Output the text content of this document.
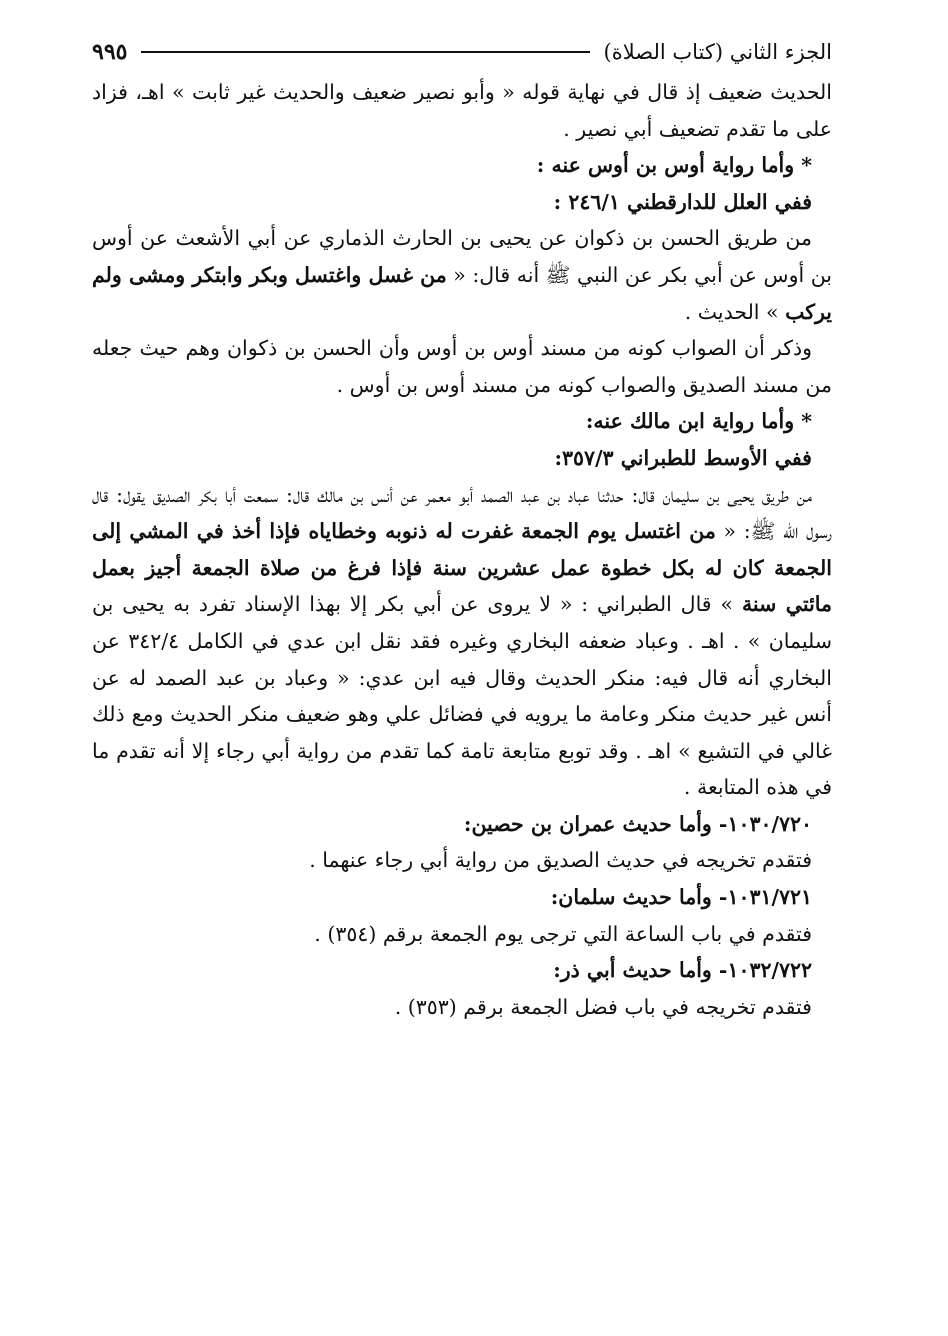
الجزء الثاني (كتاب الصلاة)
٩٩٥

الحديث ضعيف إذ قال في نهاية قوله « وأبو نصير ضعيف والحديث غير ثابت » اهـ، فزاد على ما تقدم تضعيف أبي نصير .

* وأما رواية أوس بن أوس عنه :

ففي العلل للدارقطني ٢٤٦/١ :

من طريق الحسن بن ذكوان عن يحيى بن الحارث الذماري عن أبي الأشعث عن أوس بن أوس عن أبي بكر عن النبي ﷺ أنه قال: « من غسل واغتسل وبكر وابتكر ومشى ولم يركب » الحديث .

وذكر أن الصواب كونه من مسند أوس بن أوس وأن الحسن بن ذكوان وهم حيث جعله من مسند الصديق والصواب كونه من مسند أوس بن أوس .

* وأما رواية ابن مالك عنه:

ففي الأوسط للطبراني ٣٥٧/٣:

من طريق يحيى بن سليمان قال: حدثنا عباد بن عبد الصمد أبو معمر عن أنس بن مالك قال: سمعت أبا بكر الصديق يقول: قال رسول الله ﷺ: « من اغتسل يوم الجمعة غفرت له ذنوبه وخطاياه فإذا أخذ في المشي إلى الجمعة كان له بكل خطوة عمل عشرين سنة فإذا فرغ من صلاة الجمعة أجيز بعمل مائتي سنة » قال الطبراني : « لا يروى عن أبي بكر إلا بهذا الإسناد تفرد به يحيى بن سليمان » . اهـ . وعباد ضعفه البخاري وغيره فقد نقل ابن عدي في الكامل ٣٤٢/٤ عن البخاري أنه قال فيه: منكر الحديث وقال فيه ابن عدي: « وعباد بن عبد الصمد له عن أنس غير حديث منكر وعامة ما يرويه في فضائل علي وهو ضعيف منكر الحديث ومع ذلك غالي في التشيع » اهـ . وقد توبع متابعة تامة كما تقدم من رواية أبي رجاء إلا أنه تقدم ما في هذه المتابعة .

١٠٣٠/٧٢٠- وأما حديث عمران بن حصين:

فتقدم تخريجه في حديث الصديق من رواية أبي رجاء عنهما .

١٠٣١/٧٢١- وأما حديث سلمان:

فتقدم في باب الساعة التي ترجى يوم الجمعة برقم (٣٥٤) .

١٠٣٢/٧٢٢- وأما حديث أبي ذر:

فتقدم تخريجه في باب فضل الجمعة برقم (٣٥٣) .
